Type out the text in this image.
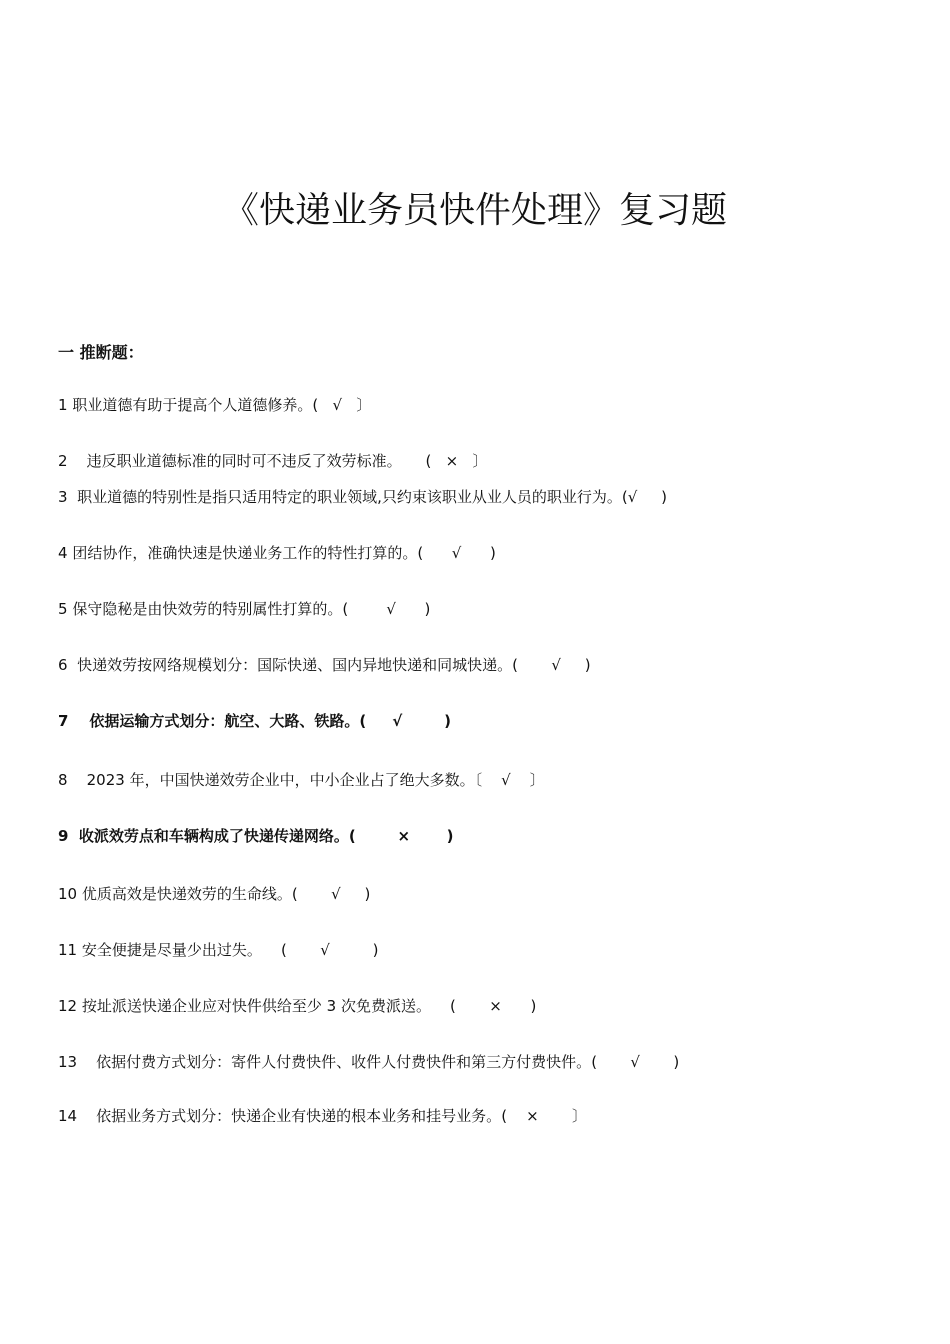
《快递业务员快件处理》复习题
一 推断题：
1 职业道德有助于提高个人道德修养。(   √   〕
2 违反职业道德标准的同时可不违反了效劳标准。 (   ×   〕
3 职业道德的特别性是指只适用特定的职业领域,只约束该职业从业人员的职业行为。(√     )
4 团结协作，准确快速是快递业务工作的特性打算的。(      √      )
5 保守隐秘是由快效劳的特别属性打算的。(        √      )
6 快递效劳按网络规模划分：国际快递、国内异地快递和同城快递。(       √     )
7 依据运输方式划分：航空、大路、铁路。(     √        )
8 2023 年，中国快递效劳企业中，中小企业占了绝大多数。〔    √    〕
9 收派效劳点和车辆构成了快递传递网络。(        ×       )
10 优质高效是快递效劳的生命线。(       √     )
11 安全便捷是尽量少出过失。 (       √         )
12 按址派送快递企业应对快件供给至少 3 次免费派送。 (       ×      )
13 依据付费方式划分：寄件人付费快件、收件人付费快件和第三方付费快件。(       √       )
14 依据业务方式划分：快递企业有快递的根本业务和挂号业务。(    ×       〕
